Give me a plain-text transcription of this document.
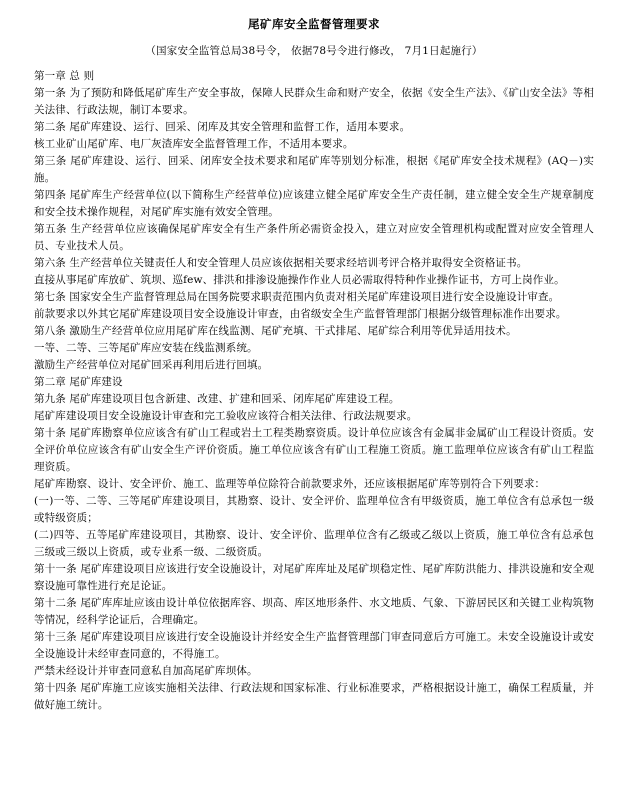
尾矿库安全监督管理要求
（国家安全监管总局38号令， 依据78号令进行修改， 7月1日起施行）

第一章 总 则

第一条 为了预防和降低尾矿库生产安全事故，保障人民群众生命和财产安全，依据《安全生产法》、《矿山安全法》等相关法律、行政法规，制订本要求。

第二条 尾矿库建设、运行、回采、闭库及其安全管理和监督工作，适用本要求。

核工业矿山尾矿库、电厂灰渣库安全监督管理工作，不适用本要求。

第三条 尾矿库建设、运行、回采、闭库安全技术要求和尾矿库等别划分标准，根据《尾矿库安全技术规程》(AQ－)实施。

第四条 尾矿库生产经营单位(以下简称生产经营单位)应该建立健全尾矿库安全生产责任制，建立健全安全生产规章制度和安全技术操作规程，对尾矿库实施有效安全管理。

第五条 生产经营单位应该确保尾矿库安全有生产条件所必需资金投入，建立对应安全管理机构或配置对应安全管理人员、专业技术人员。

第六条 生产经营单位关键责任人和安全管理人员应该依据相关要求经培训考评合格并取得安全资格证书。

直接从事尾矿库放矿、筑坝、巡few、排洪和排渗设施操作作业人员必需取得特种作业操作证书，方可上岗作业。

第七条 国家安全生产监督管理总局在国务院要求职责范围内负责对相关尾矿库建设项目进行安全设施设计审查。

前款要求以外其它尾矿库建设项目安全设施设计审查，由省级安全生产监督管理部门根据分级管理标准作出要求。

第八条 激励生产经营单位应用尾矿库在线监测、尾矿充填、干式排尾、尾矿综合利用等优异适用技术。

一等、二等、三等尾矿库应安装在线监测系统。

激励生产经营单位对尾矿回采再利用后进行回填。

第二章 尾矿库建设

第九条 尾矿库建设项目包含新建、改建、扩建和回采、闭库尾矿库建设工程。

尾矿库建设项目安全设施设计审查和完工验收应该符合相关法律、行政法规要求。

第十条 尾矿库勘察单位应该含有矿山工程或岩土工程类勘察资质。设计单位应该含有金属非金属矿山工程设计资质。安全评价单位应该含有矿山安全生产评价资质。施工单位应该含有矿山工程施工资质。施工监理单位应该含有矿山工程监理资质。

尾矿库勘察、设计、安全评价、施工、监理等单位除符合前款要求外，还应该根据尾矿库等别符合下列要求：

(一)一等、二等、三等尾矿库建设项目，其勘察、设计、安全评价、监理单位含有甲级资质，施工单位含有总承包一级或特级资质；

(二)四等、五等尾矿库建设项目，其勘察、设计、安全评价、监理单位含有乙级或乙级以上资质，施工单位含有总承包三级或三级以上资质，或专业系一级、二级资质。

第十一条 尾矿库建设项目应该进行安全设施设计，对尾矿库库址及尾矿坝稳定性、尾矿库防洪能力、排洪设施和安全观察设施可靠性进行充足论证。

第十二条 尾矿库库址应该由设计单位依据库容、坝高、库区地形条件、水文地质、气象、下游居民区和关键工业构筑物等情况，经科学论证后，合理确定。

第十三条 尾矿库建设项目应该进行安全设施设计并经安全生产监督管理部门审查同意后方可施工。未安全设施设计或安全设施设计未经审查同意的，不得施工。

严禁未经设计并审查同意私自加高尾矿库坝体。

第十四条 尾矿库施工应该实施相关法律、行政法规和国家标准、行业标准要求，严格根据设计施工，确保工程质量，并做好施工统计。
